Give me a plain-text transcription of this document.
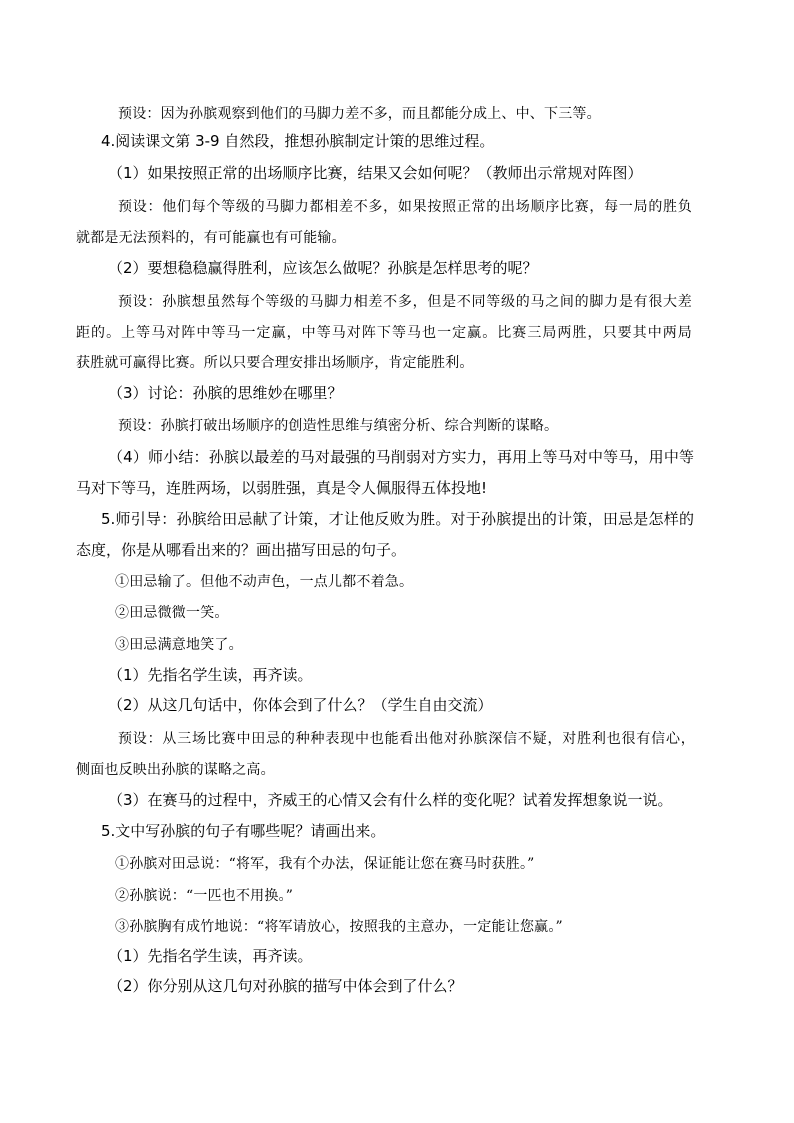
预设：因为孙膑观察到他们的马脚力差不多，而且都能分成上、中、下三等。
4.阅读课文第 3-9 自然段，推想孙膑制定计策的思维过程。
（1）如果按照正常的出场顺序比赛，结果又会如何呢？（教师出示常规对阵图）
预设：他们每个等级的马脚力都相差不多，如果按照正常的出场顺序比赛，每一局的胜负
就都是无法预料的，有可能赢也有可能输。
（2）要想稳稳赢得胜利，应该怎么做呢？孙膑是怎样思考的呢？
预设：孙膑想虽然每个等级的马脚力相差不多，但是不同等级的马之间的脚力是有很大差
距的。上等马对阵中等马一定赢，中等马对阵下等马也一定赢。比赛三局两胜，只要其中两局
获胜就可赢得比赛。所以只要合理安排出场顺序，肯定能胜利。
（3）讨论：孙膑的思维妙在哪里？
预设：孙膑打破出场顺序的创造性思维与缜密分析、综合判断的谋略。
（4）师小结：孙膑以最差的马对最强的马削弱对方实力，再用上等马对中等马，用中等
马对下等马，连胜两场，以弱胜强，真是令人佩服得五体投地!
5.师引导：孙膑给田忌献了计策，才让他反败为胜。对于孙膑提出的计策，田忌是怎样的
态度，你是从哪看出来的？画出描写田忌的句子。
①田忌输了。但他不动声色，一点儿都不着急。
②田忌微微一笑。
③田忌满意地笑了。
（1）先指名学生读，再齐读。
（2）从这几句话中，你体会到了什么？（学生自由交流）
预设：从三场比赛中田忌的种种表现中也能看出他对孙膑深信不疑，对胜利也很有信心，
侧面也反映出孙膑的谋略之高。
（3）在赛马的过程中，齐威王的心情又会有什么样的变化呢？试着发挥想象说一说。
5.文中写孙膑的句子有哪些呢？请画出来。
①孙膑对田忌说：“将军，我有个办法，保证能让您在赛马时获胜。”
②孙膑说：“一匹也不用换。”
③孙膑胸有成竹地说：“将军请放心，按照我的主意办，一定能让您赢。”
（1）先指名学生读，再齐读。
（2）你分别从这几句对孙膑的描写中体会到了什么？
